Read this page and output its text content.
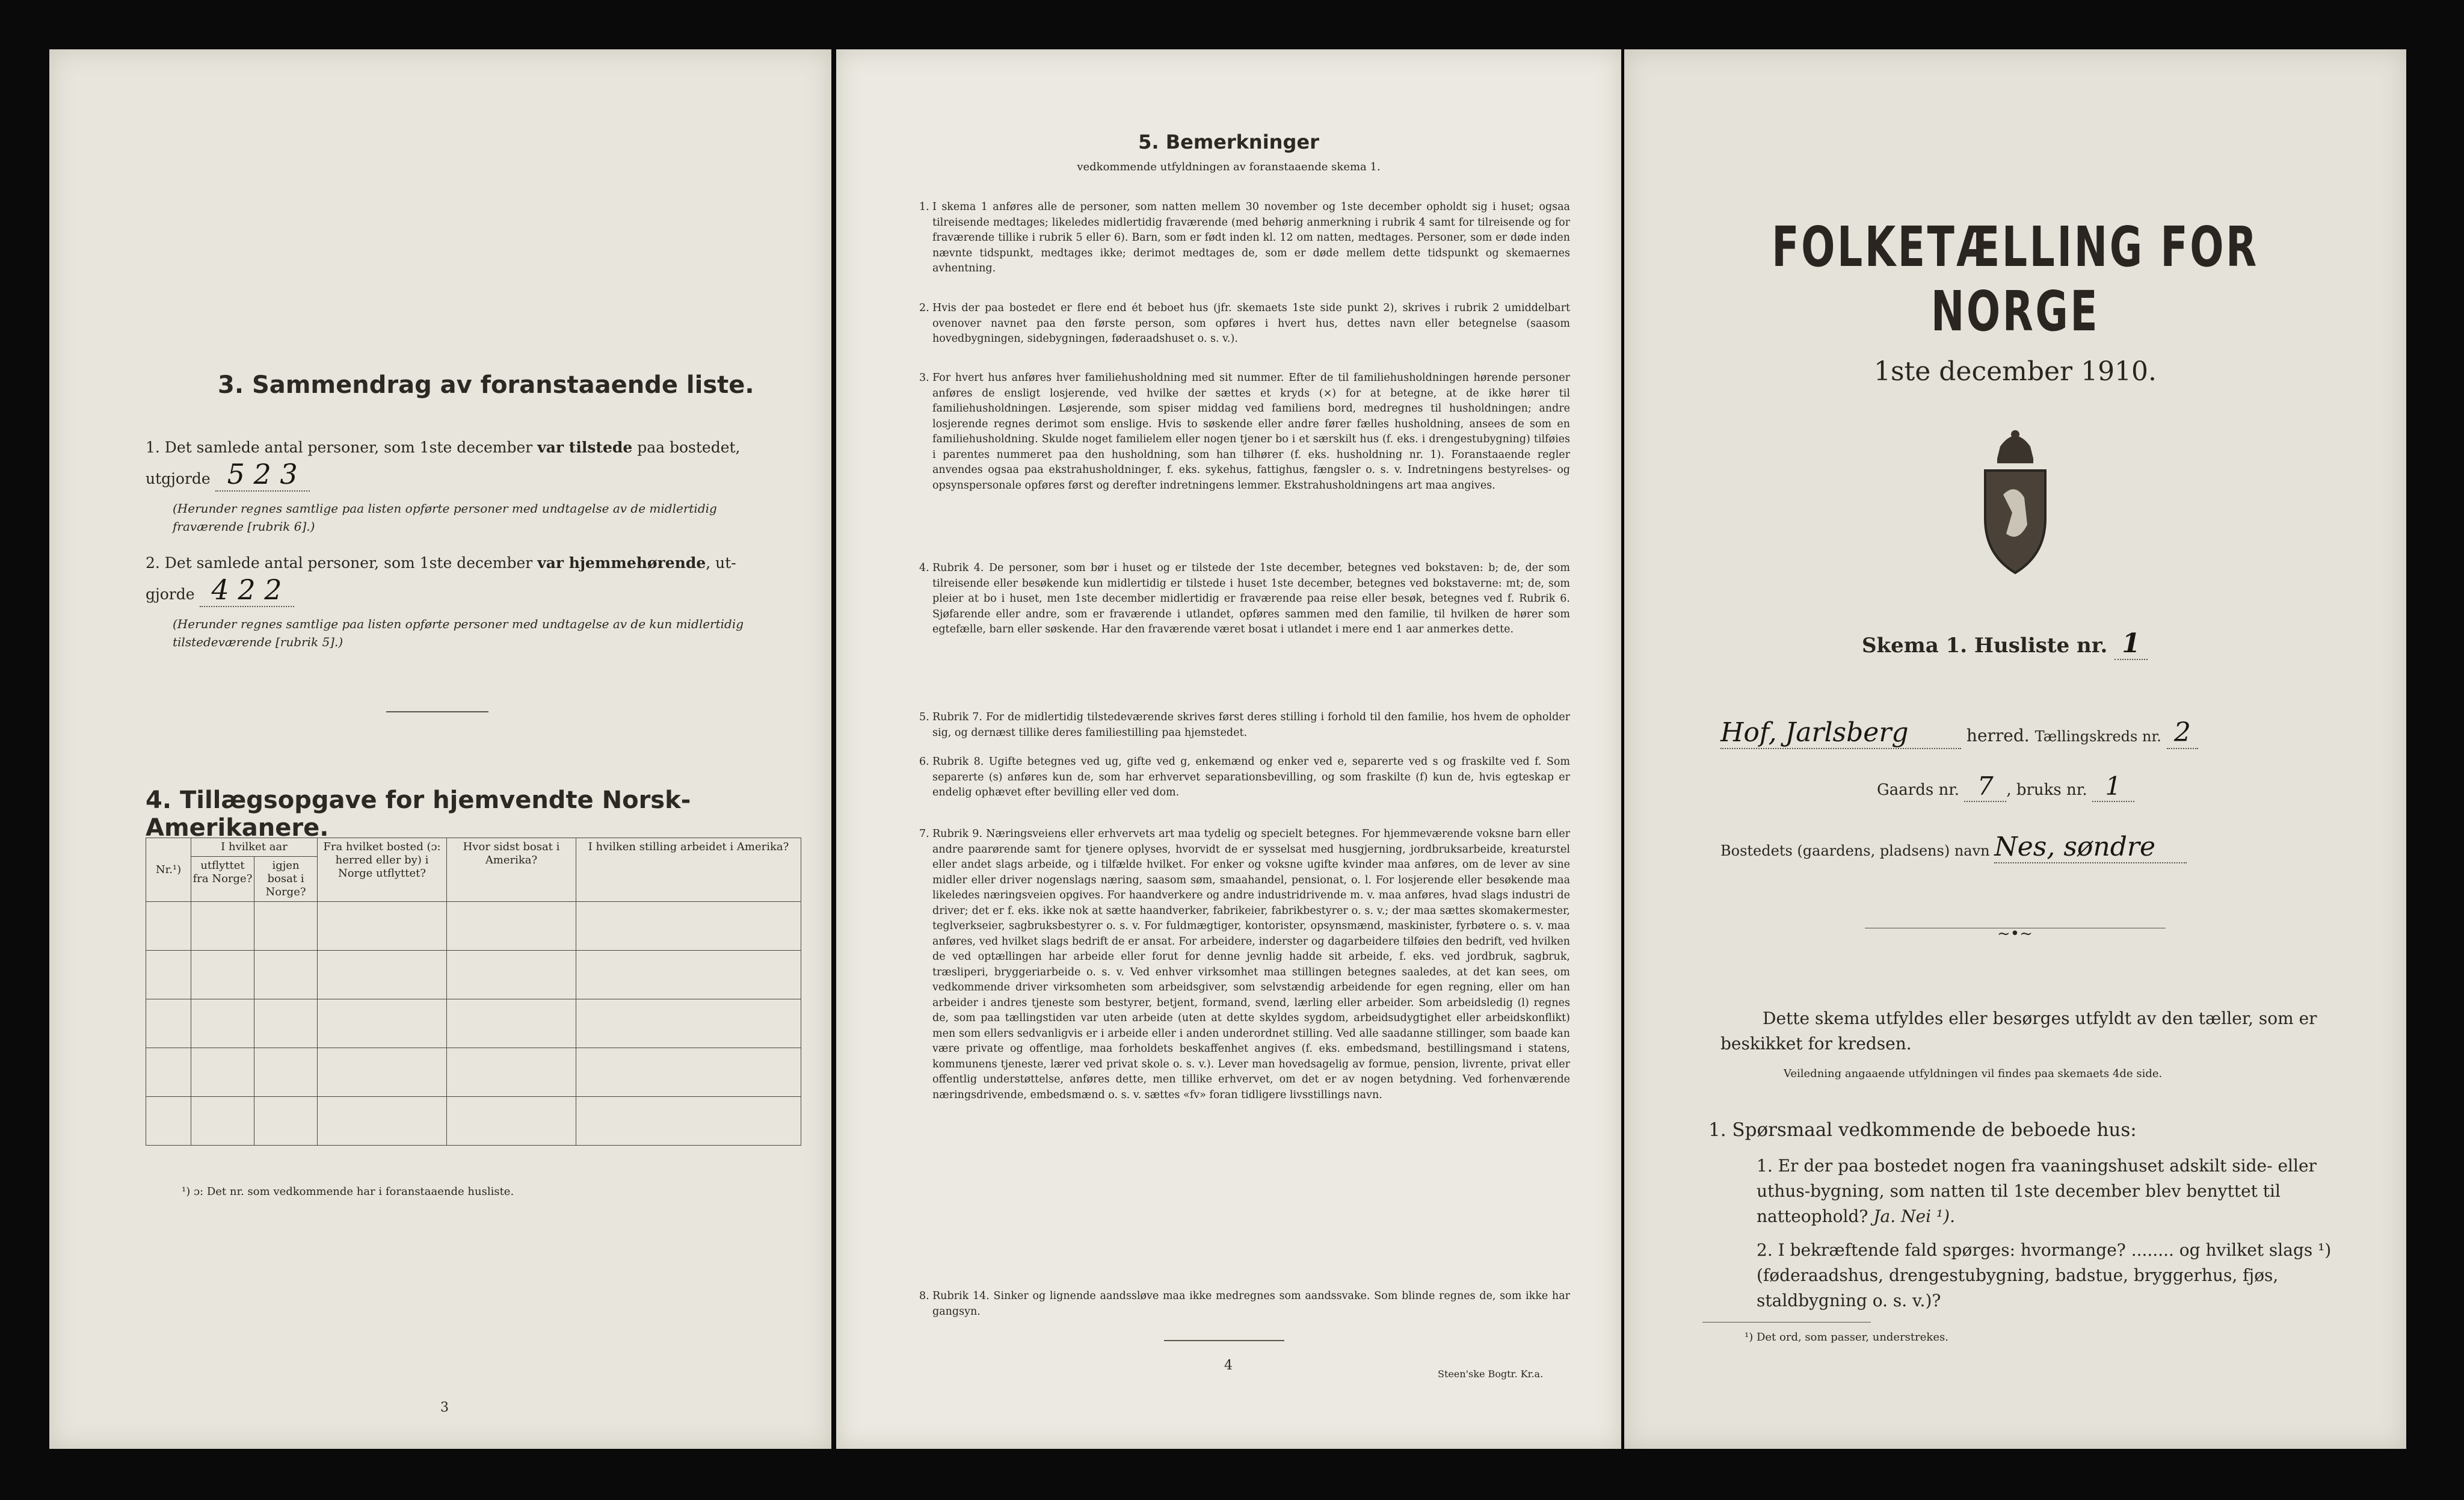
3. Sammendrag av foranstaaende liste.
1. Det samlede antal personer, som 1ste december var tilstede paa bostedet,
utgjorde 5 2 3
(Herunder regnes samtlige paa listen opførte personer med undtagelse av de midlertidig fraværende [rubrik 6].)
2. Det samlede antal personer, som 1ste december var hjemmehørende, ut-
gjorde 4 2 2
(Herunder regnes samtlige paa listen opførte personer med undtagelse av de kun midlertidig tilstedeværende [rubrik 5].)
4. Tillægsopgave for hjemvendte Norsk-Amerikanere.
Nr.¹)	I hvilket aar		Fra hvilket bosted (ɔ: herred eller by) i Norge utflyttet?	Hvor sidst bosat i Amerika?	I hvilken stilling arbeidet i Amerika?
	utflyttet fra Norge?	igjen bosat i Norge?			

¹) ɔ: Det nr. som vedkommende har i foranstaaende husliste.
3
5. Bemerkninger
vedkommende utfyldningen av foranstaaende skema 1.
1. I skema 1 anføres alle de personer, som natten mellem 30 november og 1ste december opholdt sig i huset; ogsaa tilreisende medtages; likeledes midlertidig fraværende (med behørig anmerkning i rubrik 4 samt for tilreisende og for fraværende tillike i rubrik 5 eller 6). Barn, som er født inden kl. 12 om natten, medtages. Personer, som er døde inden nævnte tidspunkt, medtages ikke; derimot medtages de, som er døde mellem dette tidspunkt og skemaernes avhentning.
2. Hvis der paa bostedet er flere end ét beboet hus (jfr. skemaets 1ste side punkt 2), skrives i rubrik 2 umiddelbart ovenover navnet paa den første person, som opføres i hvert hus, dettes navn eller betegnelse (saasom hovedbygningen, sidebygningen, føderaadshuset o. s. v.).
3. For hvert hus anføres hver familiehusholdning med sit nummer. Efter de til familiehusholdningen hørende personer anføres de ensligt losjerende, ved hvilke der sættes et kryds (×) for at betegne, at de ikke hører til familiehusholdningen. Løsjerende, som spiser middag ved familiens bord, medregnes til husholdningen; andre losjerende regnes derimot som enslige. Hvis to søskende eller andre fører fælles husholdning, ansees de som en familiehusholdning. Skulde noget familielem eller nogen tjener bo i et særskilt hus (f. eks. i drengestubygning) tilføies i parentes nummeret paa den husholdning, som han tilhører (f. eks. husholdning nr. 1). Foranstaaende regler anvendes ogsaa paa ekstrahusholdninger, f. eks. sykehus, fattighus, fængsler o. s. v. Indretningens bestyrelses- og opsynspersonale opføres først og derefter indretningens lemmer. Ekstrahusholdningens art maa angives.
4. Rubrik 4. De personer, som bør i huset og er tilstede der 1ste december, betegnes ved bokstaven: b; de, der som tilreisende eller besøkende kun midlertidig er tilstede i huset 1ste december, betegnes ved bokstaverne: mt; de, som pleier at bo i huset, men 1ste december midlertidig er fraværende paa reise eller besøk, betegnes ved f. Rubrik 6. Sjøfarende eller andre, som er fraværende i utlandet, opføres sammen med den familie, til hvilken de hører som egtefælle, barn eller søskende. Har den fraværende været bosat i utlandet i mere end 1 aar anmerkes dette.
5. Rubrik 7. For de midlertidig tilstedeværende skrives først deres stilling i forhold til den familie, hos hvem de opholder sig, og dernæst tillike deres familiestilling paa hjemstedet.
6. Rubrik 8. Ugifte betegnes ved ug, gifte ved g, enkemænd og enker ved e, separerte ved s og fraskilte ved f. Som separerte (s) anføres kun de, som har erhvervet separationsbevilling, og som fraskilte (f) kun de, hvis egteskap er endelig ophævet efter bevilling eller ved dom.
7. Rubrik 9. Næringsveiens eller erhvervets art maa tydelig og specielt betegnes. For hjemmeværende voksne barn eller andre paarørende samt for tjenere oplyses, hvorvidt de er sysselsat med husgjerning, jordbruksarbeide, kreaturstel eller andet slags arbeide, og i tilfælde hvilket. For enker og voksne ugifte kvinder maa anføres, om de lever av sine midler eller driver nogenslags næring, saasom søm, smaahandel, pensionat, o. l. For losjerende eller besøkende maa likeledes næringsveien opgives. For haandverkere og andre industridrivende m. v. maa anføres, hvad slags industri de driver; det er f. eks. ikke nok at sætte haandverker, fabrikeier, fabrikbestyrer o. s. v.; der maa sættes skomakermester, teglverkseier, sagbruksbestyrer o. s. v. For fuldmægtiger, kontorister, opsynsmænd, maskinister, fyrbøtere o. s. v. maa anføres, ved hvilket slags bedrift de er ansat. For arbeidere, inderster og dagarbeidere tilføies den bedrift, ved hvilken de ved optællingen har arbeide eller forut for denne jevnlig hadde sit arbeide, f. eks. ved jordbruk, sagbruk, træsliperi, bryggeriarbeide o. s. v. Ved enhver virksomhet maa stillingen betegnes saaledes, at det kan sees, om vedkommende driver virksomheten som arbeidsgiver, som selvstændig arbeidende for egen regning, eller om han arbeider i andres tjeneste som bestyrer, betjent, formand, svend, lærling eller arbeider. Som arbeidsledig (l) regnes de, som paa tællingstiden var uten arbeide (uten at dette skyldes sygdom, arbeidsudygtighet eller arbeidskonflikt) men som ellers sedvanligvis er i arbeide eller i anden underordnet stilling. Ved alle saadanne stillinger, som baade kan være private og offentlige, maa forholdets beskaffenhet angives (f. eks. embedsmand, bestillingsmand i statens, kommunens tjeneste, lærer ved privat skole o. s. v.). Lever man hovedsagelig av formue, pension, livrente, privat eller offentlig understøttelse, anføres dette, men tillike erhvervet, om det er av nogen betydning. Ved forhenværende næringsdrivende, embedsmænd o. s. v. sættes «fv» foran tidligere livsstillings navn.
8. Rubrik 14. Sinker og lignende aandssløve maa ikke medregnes som aandssvake. Som blinde regnes de, som ikke har gangsyn.
4
Steen'ske Bogtr. Kr.a.
FOLKETÆLLING FOR NORGE
1ste december 1910.
Skema 1. Husliste nr. 1
Hof, Jarlsberg	herred. Tællingskreds nr. 2
Gaards nr. 7 , bruks nr. 1
Bostedets (gaardens, pladsens) navn Nes, søndre
~•~
Dette skema utfyldes eller besørges utfyldt av den tæller, som er beskikket for kredsen.
Veiledning angaaende utfyldningen vil findes paa skemaets 4de side.
1. Spørsmaal vedkommende de beboede hus:
1. Er der paa bostedet nogen fra vaaningshuset adskilt side- eller uthus-bygning, som natten til 1ste december blev benyttet til natteophold? Ja. Nei ¹).
2. I bekræftende fald spørges: hvormange? ........ og hvilket slags ¹) (føderaadshus, drengestubygning, badstue, bryggerhus, fjøs, staldbygning o. s. v.)?
¹) Det ord, som passer, understrekes.
